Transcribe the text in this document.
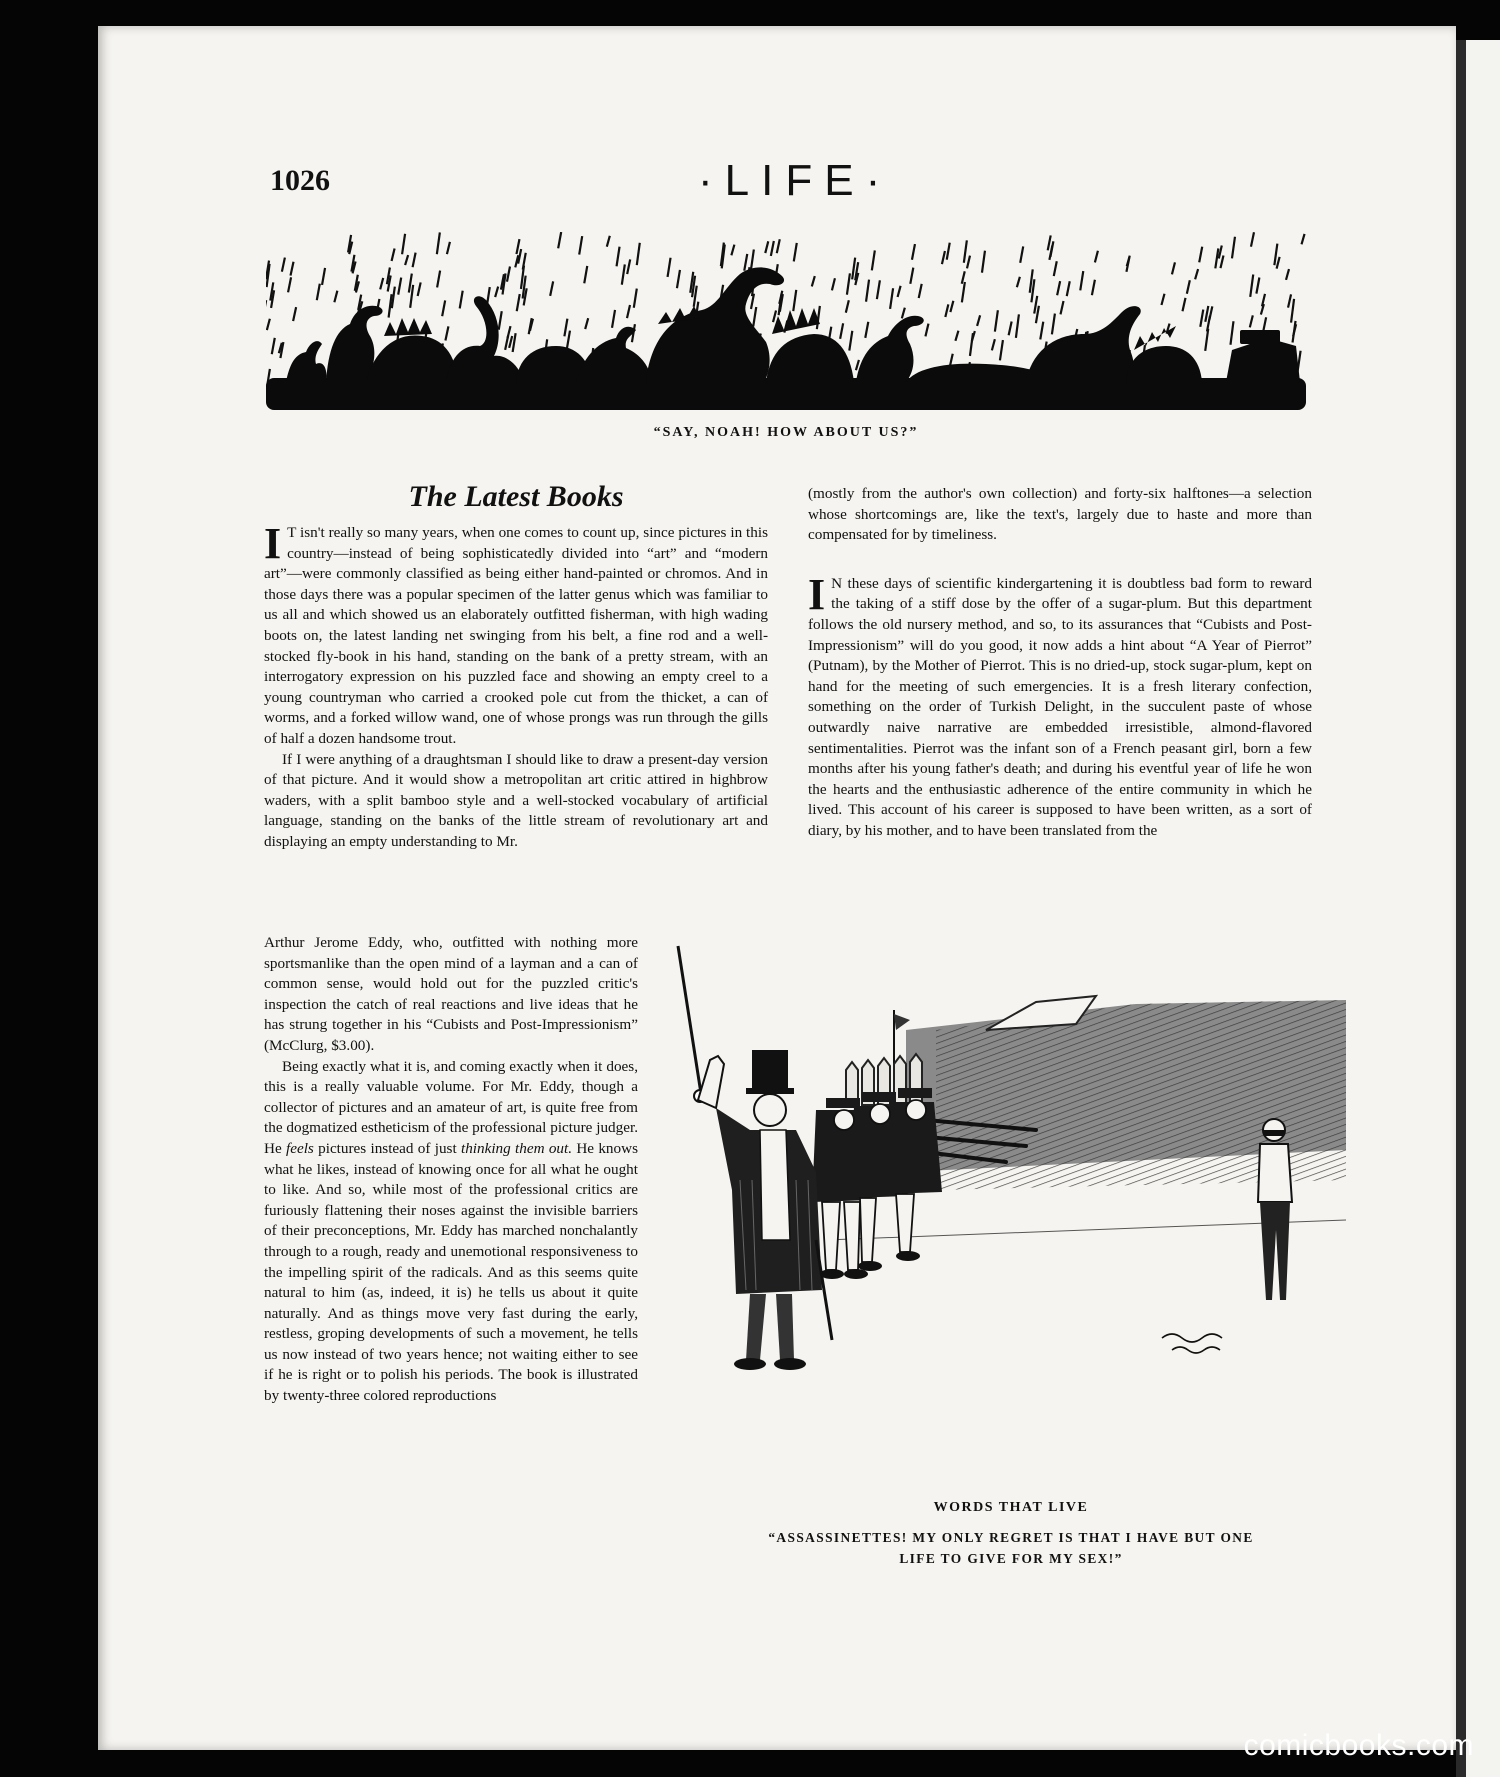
1026	·LIFE·
“SAY, NOAH! HOW ABOUT US?”
The Latest Books

I T isn't really so many years, when one comes to count up, since pictures in this country—instead of being sophisticatedly divided into “art” and “modern art”—were commonly classified as being either hand-painted or chromos. And in those days there was a popular specimen of the latter genus which was familiar to us all and which showed us an elaborately outfitted fisherman, with high wading boots on, the latest landing net swinging from his belt, a fine rod and a well-stocked fly-book in his hand, standing on the bank of a pretty stream, with an interrogatory expression on his puzzled face and showing an empty creel to a young countryman who carried a crooked pole cut from the thicket, a can of worms, and a forked willow wand, one of whose prongs was run through the gills of half a dozen handsome trout.

If I were anything of a draughtsman I should like to draw a present-day version of that picture. And it would show a metropolitan art critic attired in highbrow waders, with a split bamboo style and a well-stocked vocabulary of artificial language, standing on the banks of the little stream of revolutionary art and displaying an empty understanding to Mr.

Arthur Jerome Eddy, who, outfitted with nothing more sportsmanlike than the open mind of a layman and a can of common sense, would hold out for the puzzled critic's inspection the catch of real reactions and live ideas that he has strung together in his “Cubists and Post-Impressionism” (McClurg, $3.00).

Being exactly what it is, and coming exactly when it does, this is a really valuable volume. For Mr. Eddy, though a collector of pictures and an amateur of art, is quite free from the dogmatized estheticism of the professional picture judger. He feels pictures instead of just thinking them out. He knows what he likes, instead of knowing once for all what he ought to like. And so, while most of the professional critics are furiously flattening their noses against the invisible barriers of their preconceptions, Mr. Eddy has marched nonchalantly through to a rough, ready and unemotional responsiveness to the impelling spirit of the radicals. And as this seems quite natural to him (as, indeed, it is) he tells us about it quite naturally. And as things move very fast during the early, restless, groping developments of such a movement, he tells us now instead of two years hence; not waiting either to see if he is right or to polish his periods. The book is illustrated by twenty-three colored reproductions

(mostly from the author's own collection) and forty-six halftones—a selection whose shortcomings are, like the text's, largely due to haste and more than compensated for by timeliness.

I N these days of scientific kindergartening it is doubtless bad form to reward the taking of a stiff dose by the offer of a sugar-plum. But this department follows the old nursery method, and so, to its assurances that “Cubists and Post-Impressionism” will do you good, it now adds a hint about “A Year of Pierrot” (Putnam), by the Mother of Pierrot. This is no dried-up, stock sugar-plum, kept on hand for the meeting of such emergencies. It is a fresh literary confection, something on the order of Turkish Delight, in the succulent paste of whose outwardly naive narrative are embedded irresistible, almond-flavored sentimentalities. Pierrot was the infant son of a French peasant girl, born a few months after his young father's death; and during his eventful year of life he won the hearts and the enthusiastic adherence of the entire community in which he lived. This account of his career is supposed to have been written, as a sort of diary, by his mother, and to have been translated from the

WORDS THAT LIVE
“ASSASSINETTES! MY ONLY REGRET IS THAT I HAVE BUT ONE
LIFE TO GIVE FOR MY SEX!”
comicbooks.com
